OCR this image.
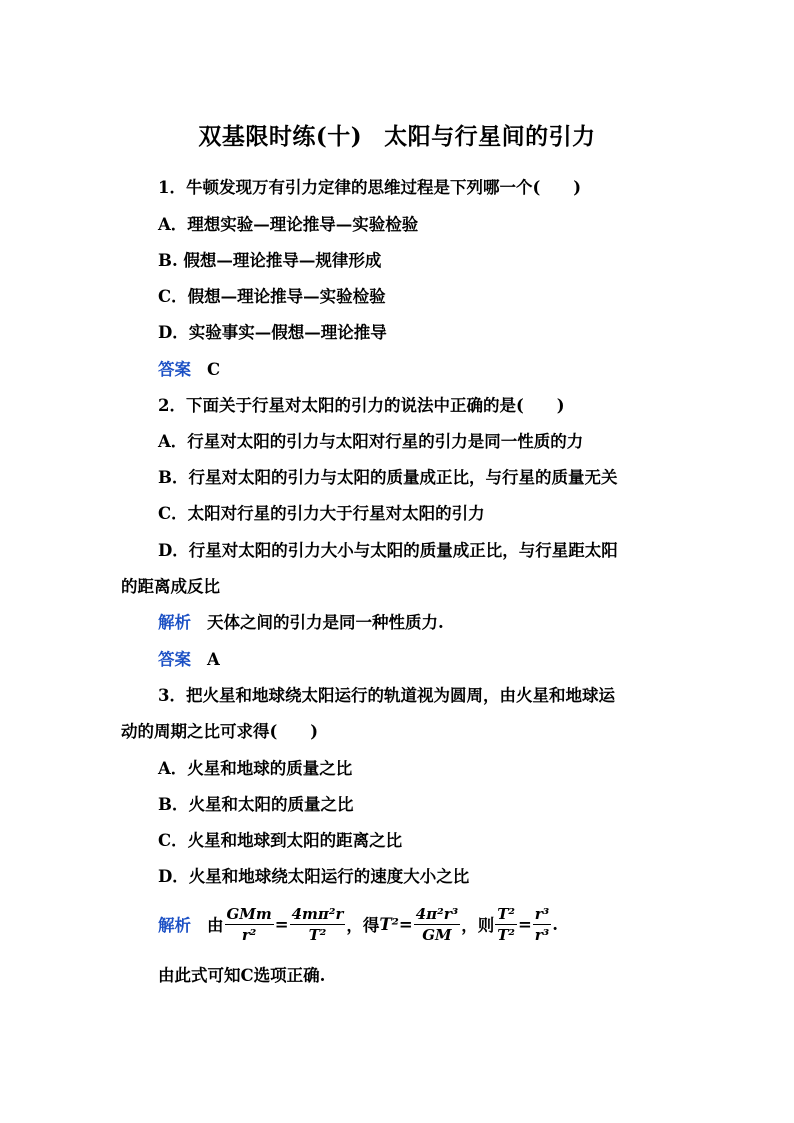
双基限时练(十) 太阳与行星间的引力
1．牛顿发现万有引力定律的思维过程是下列哪一个(　　)
A．理想实验—理论推导—实验检验
B. 假想—理论推导—规律形成
C．假想—理论推导—实验检验
D．实验事实—假想—理论推导
答案 C
2．下面关于行星对太阳的引力的说法中正确的是(　　)
A．行星对太阳的引力与太阳对行星的引力是同一性质的力
B．行星对太阳的引力与太阳的质量成正比，与行星的质量无关
C．太阳对行星的引力大于行星对太阳的引力
D．行星对太阳的引力大小与太阳的质量成正比，与行星距太阳
的距离成反比
解析 天体之间的引力是同一种性质力.
答案 A
3．把火星和地球绕太阳运行的轨道视为圆周，由火星和地球运
动的周期之比可求得(　　)
A．火星和地球的质量之比
B．火星和太阳的质量之比
C．火星和地球到太阳的距离之比
D．火星和地球绕太阳运行的速度大小之比
解析 由 $\frac{\text{GMm}}{\text{r²}} = \frac{\text{4mπ²r}}{\text{T²}}$ ，得 $T^2 = \frac{\text{4π²r³}}{GM}$ ，则 $\frac{\text{T²}}{\text{T²}} = \frac{\text{r³}}{\text{r³}}$ .
由此式可知C选项正确.
